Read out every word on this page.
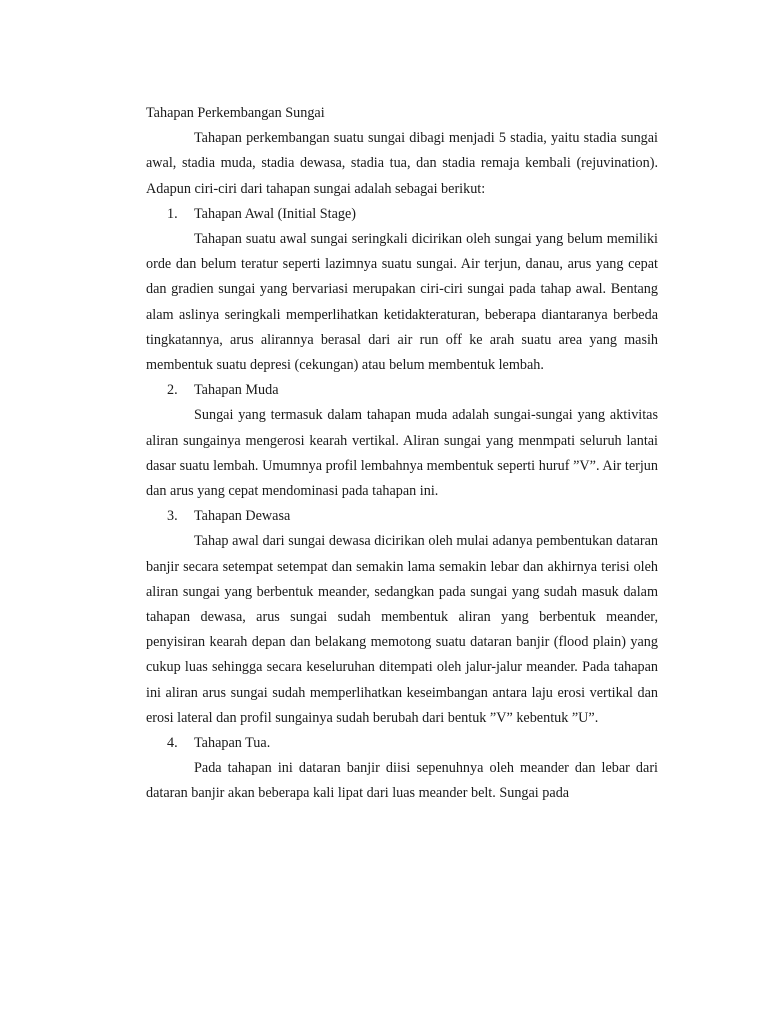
Tahapan Perkembangan Sungai

Tahapan perkembangan suatu sungai dibagi menjadi 5 stadia, yaitu stadia sungai awal, stadia muda, stadia dewasa, stadia tua, dan stadia remaja kembali (rejuvination). Adapun ciri-ciri dari tahapan sungai adalah sebagai berikut:

1. Tahapan Awal (Initial Stage)

Tahapan suatu awal sungai seringkali dicirikan oleh sungai yang belum memiliki orde dan belum teratur seperti lazimnya suatu sungai. Air terjun, danau, arus yang cepat dan gradien sungai yang bervariasi merupakan ciri-ciri sungai pada tahap awal. Bentang alam aslinya seringkali memperlihatkan ketidakteraturan, beberapa diantaranya berbeda tingkatannya, arus alirannya berasal dari air run off ke arah suatu area yang masih membentuk suatu depresi (cekungan) atau belum membentuk lembah.

2. Tahapan Muda

Sungai yang termasuk dalam tahapan muda adalah sungai-sungai yang aktivitas aliran sungainya mengerosi kearah vertikal. Aliran sungai yang menmpati seluruh lantai dasar suatu lembah. Umumnya profil lembahnya membentuk seperti huruf ”V”. Air terjun dan arus yang cepat mendominasi pada tahapan ini.

3. Tahapan Dewasa

Tahap awal dari sungai dewasa dicirikan oleh mulai adanya pembentukan dataran banjir secara setempat setempat dan semakin lama semakin lebar dan akhirnya terisi oleh aliran sungai yang berbentuk meander, sedangkan pada sungai yang sudah masuk dalam tahapan dewasa, arus sungai sudah membentuk aliran yang berbentuk meander, penyisiran kearah depan dan belakang memotong suatu dataran banjir (flood plain) yang cukup luas sehingga secara keseluruhan ditempati oleh jalur-jalur meander. Pada tahapan ini aliran arus sungai sudah memperlihatkan keseimbangan antara laju erosi vertikal dan erosi lateral dan profil sungainya sudah berubah dari bentuk ”V” kebentuk ”U”.

4. Tahapan Tua.

Pada tahapan ini dataran banjir diisi sepenuhnya oleh meander dan lebar dari dataran banjir akan beberapa kali lipat dari luas meander belt. Sungai pada
